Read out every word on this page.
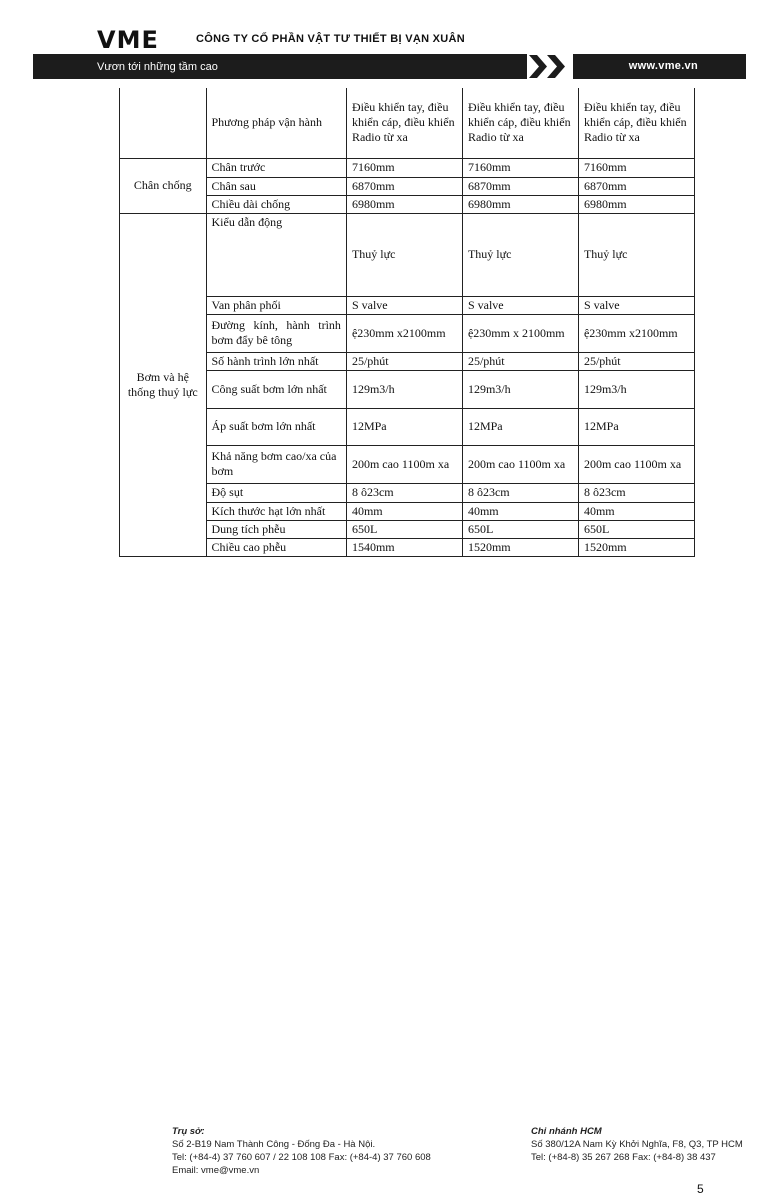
VME	CÔNG TY CỔ PHẦN VẬT TƯ THIẾT BỊ VẠN XUÂN
Vươn tới những tầm cao	www.vme.vn
	Phương pháp vận hành	Điều khiển tay, điều khiển cáp, điều khiển Radio từ xa	Điều khiển tay, điều khiển cáp, điều khiển Radio từ xa	Điều khiển tay, điều khiển cáp, điều khiển Radio từ xa
Chân chống	Chân trước	7160mm	7160mm	7160mm
	Chân sau	6870mm	6870mm	6870mm
	Chiều dài chống	6980mm	6980mm	6980mm
Bơm và hệ thống thuỷ lực	Kiểu dẫn động	Thuỷ lực	Thuỷ lực	Thuỷ lực
	Van phân phối	S valve	S valve	S valve
	Đường kính, hành trình bơm đẩy bê tông	ệ230mm x2100mm	ệ230mm x 2100mm	ệ230mm x2100mm
	Số hành trình lớn nhất	25/phút	25/phút	25/phút
	Công suất bơm lớn nhất	129m3/h	129m3/h	129m3/h
	Áp suất bơm lớn nhất	12MPa	12MPa	12MPa
	Khả năng bơm cao/xa của bơm	200m cao 1100m xa	200m cao 1100m xa	200m cao 1100m xa
	Độ sụt	8 ô23cm	8 ô23cm	8 ô23cm
	Kích thước hạt lớn nhất	40mm	40mm	40mm
	Dung tích phễu	650L	650L	650L
	Chiều cao phễu	1540mm	1520mm	1520mm
Trụ sở:
Số 2-B19 Nam Thành Công - Đống Đa - Hà Nội.
Tel: (+84-4) 37 760 607 / 22 108 108 Fax: (+84-4) 37 760 608
Email: vme@vme.vn
Chi nhánh HCM
Số 380/12A Nam Kỳ Khởi Nghĩa, F8, Q3, TP HCM
Tel: (+84-8) 35 267 268 Fax: (+84-8) 38 437
5
